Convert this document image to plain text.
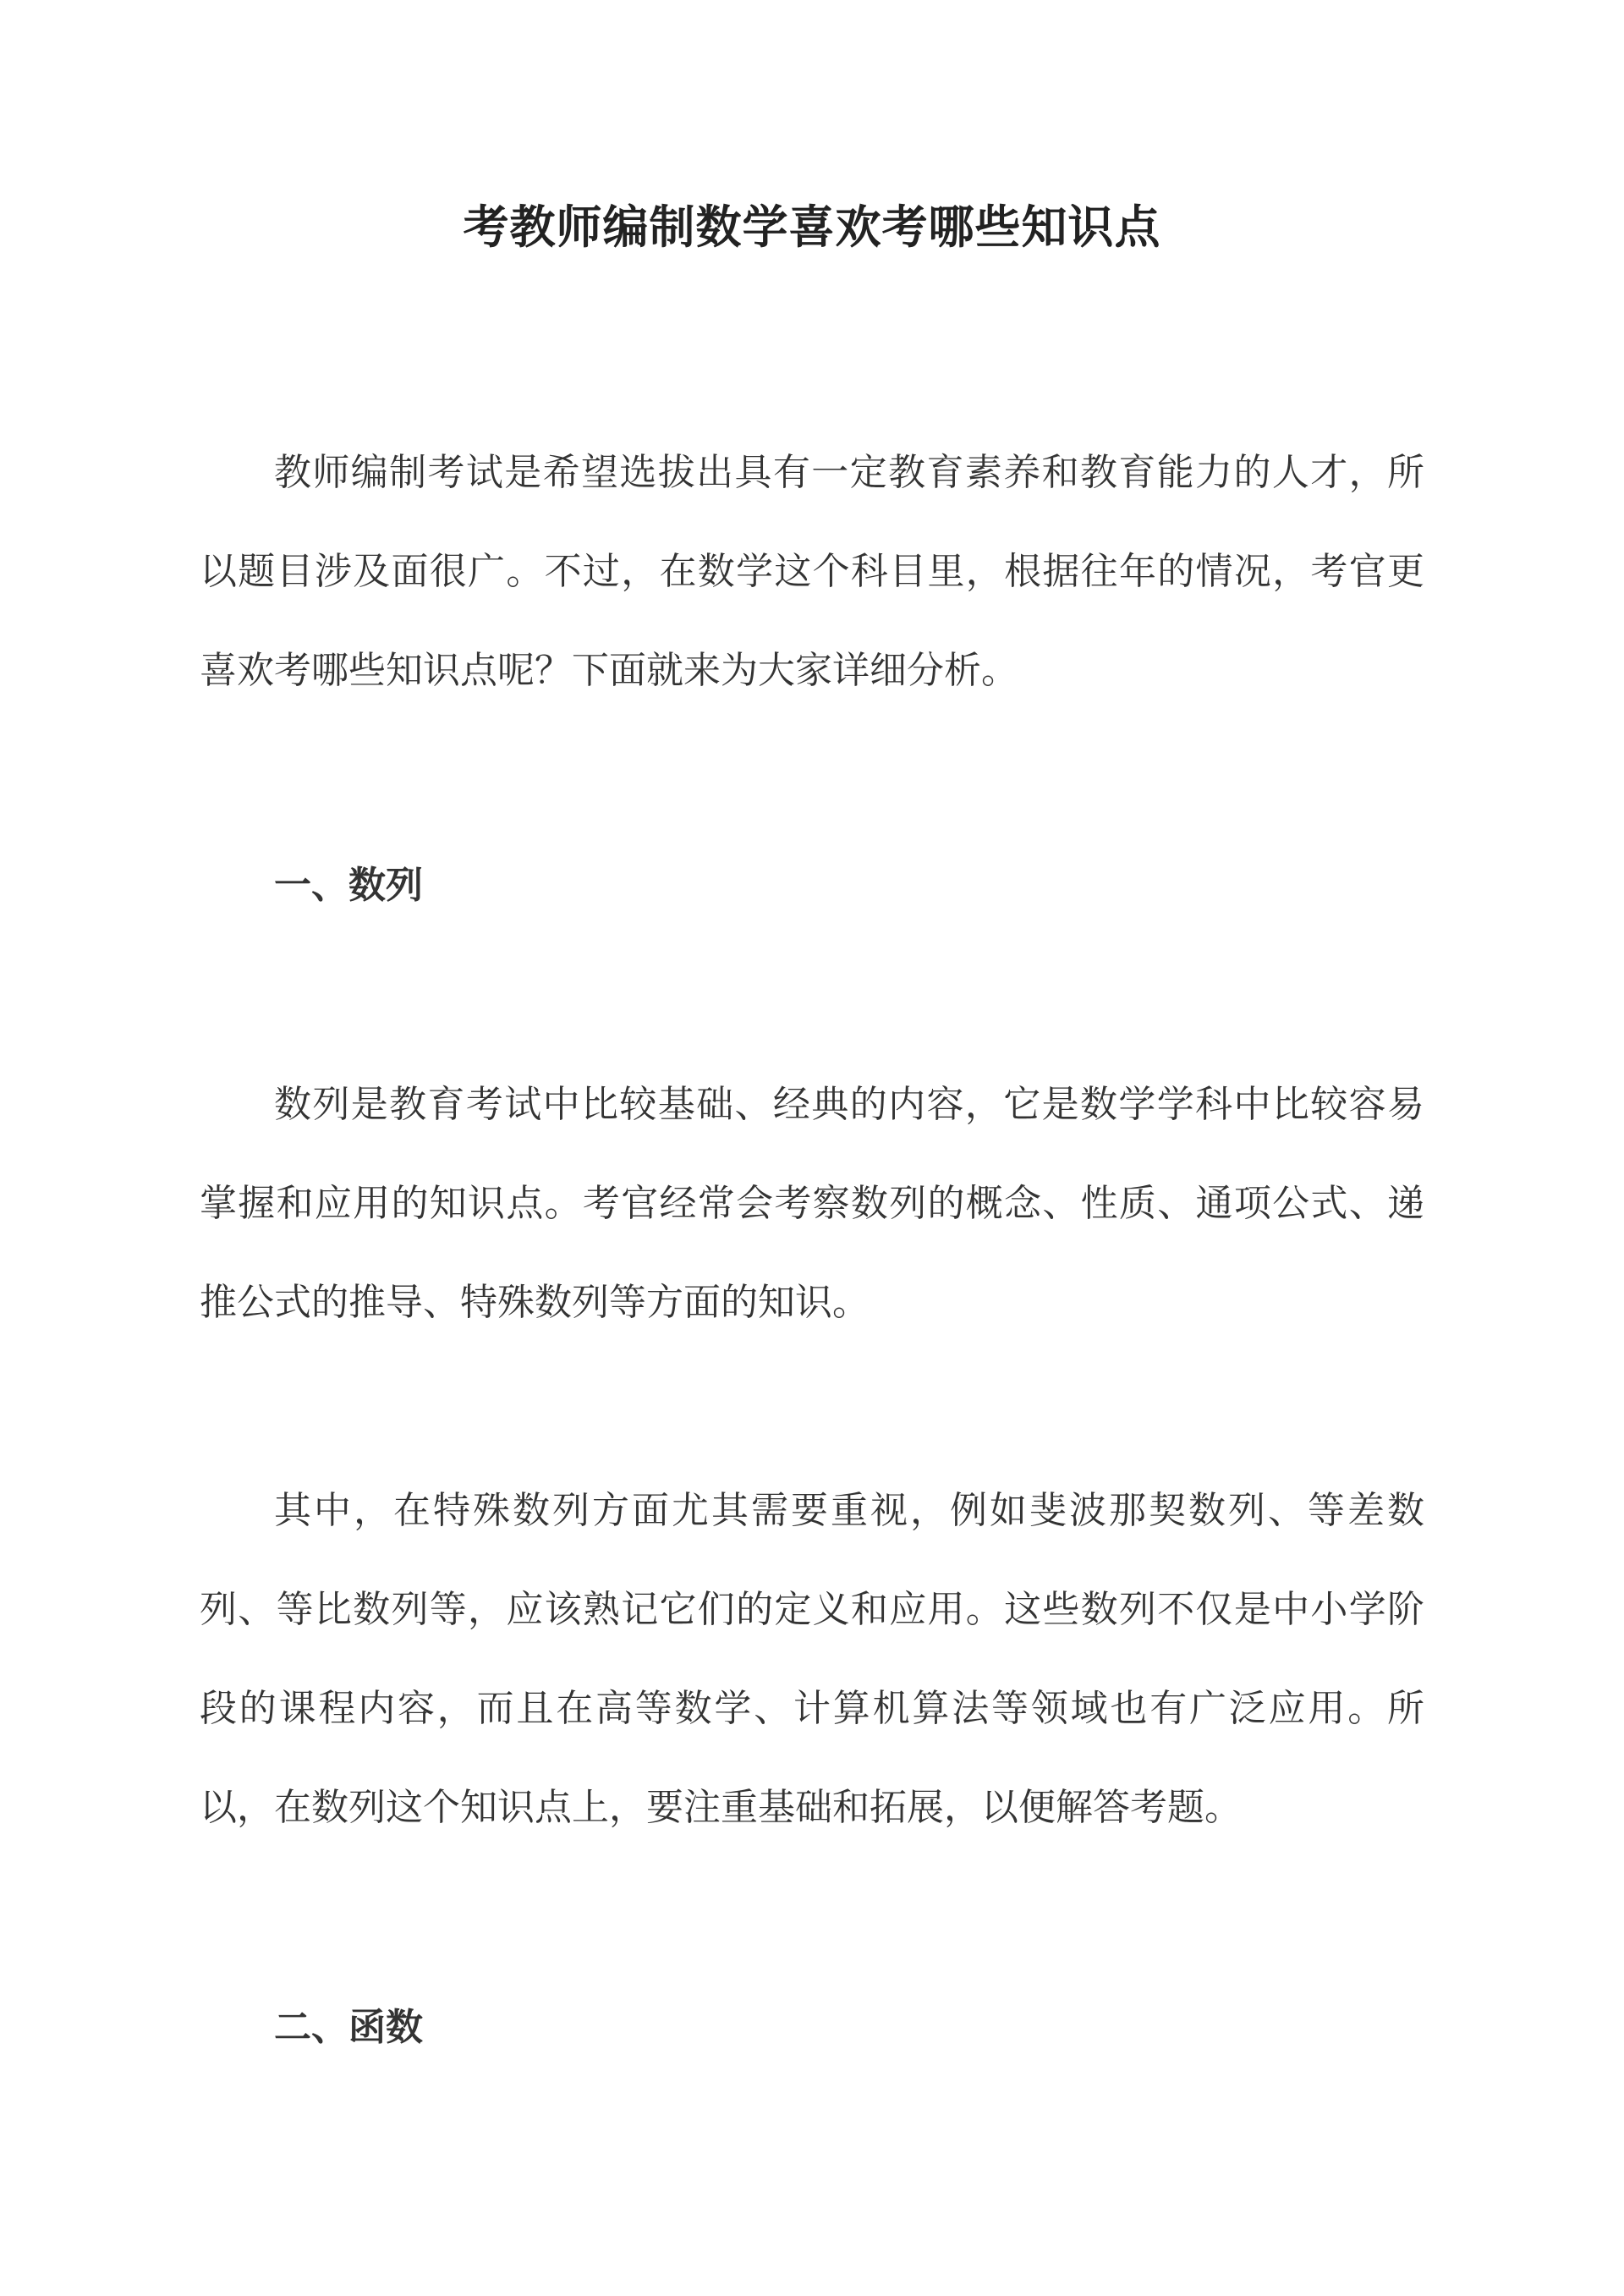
考教师编制数学喜欢考哪些知识点

教师编制考试是希望选拔出具有一定教育素养和教育能力的人才，所以题目涉及面很广。不过，在数学这个科目里，根据往年的情况，考官更喜欢考哪些知识点呢？下面就来为大家详细分析。

一、数列

数列是教育考试中比较基础、经典的内容，它是数学学科中比较容易掌握和应用的知识点。考官经常会考察数列的概念、性质、通项公式、递推公式的推导、特殊数列等方面的知识。

其中，在特殊数列方面尤其需要重视，例如斐波那契数列、等差数列、等比数列等，应该熟记它们的定义和应用。这些数列不仅是中小学阶段的课程内容，而且在高等数学、计算机算法等领域也有广泛应用。所以，在数列这个知识点上，要注重基础和拓展，以便解答考题。

二、函数
